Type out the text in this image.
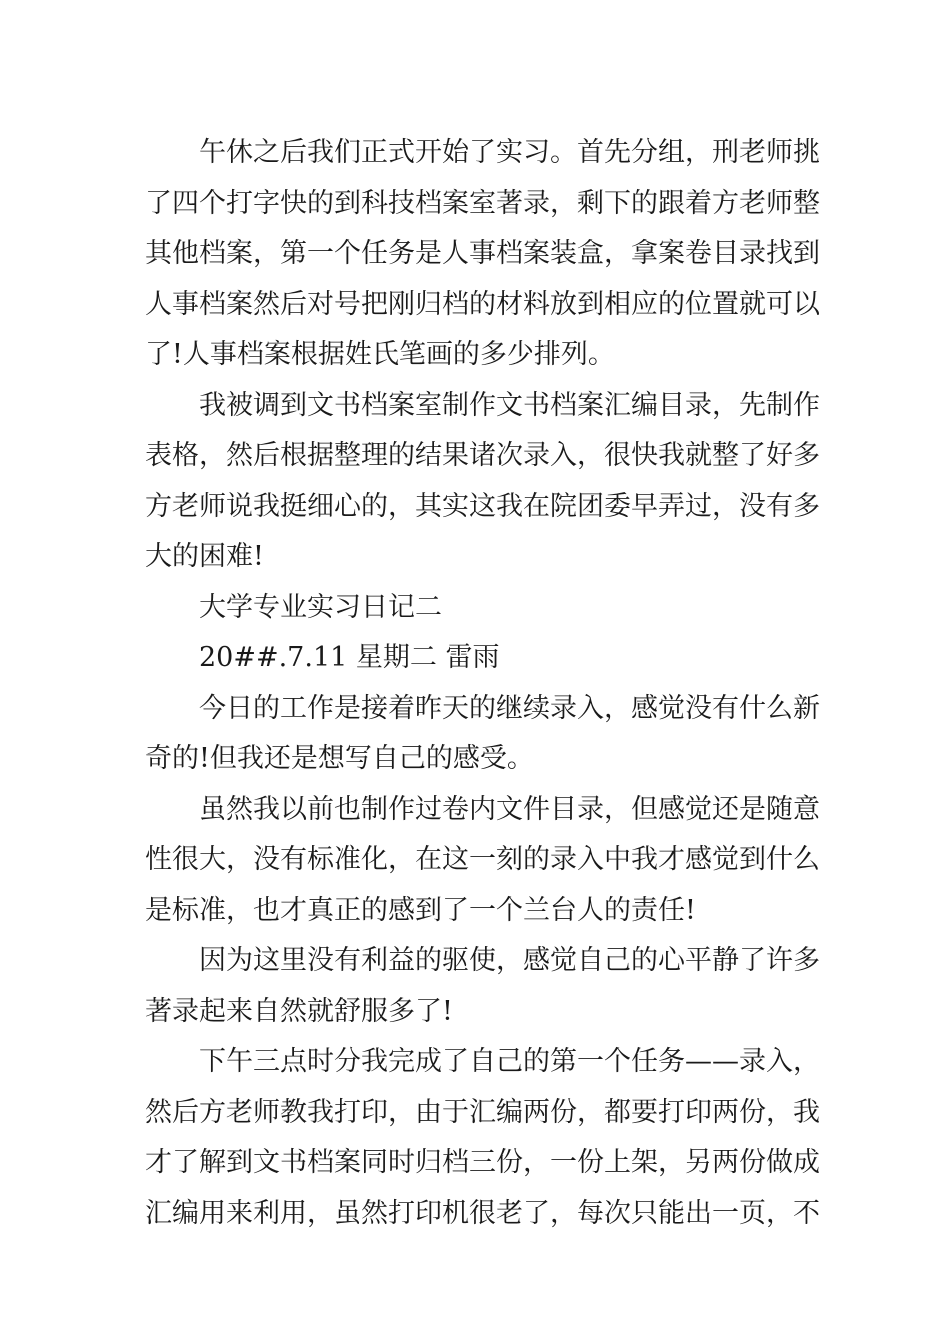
午休之后我们正式开始了实习。首先分组，刑老师挑
了四个打字快的到科技档案室著录，剩下的跟着方老师整
其他档案，第一个任务是人事档案装盒，拿案卷目录找到
人事档案然后对号把刚归档的材料放到相应的位置就可以
了!人事档案根据姓氏笔画的多少排列。
我被调到文书档案室制作文书档案汇编目录，先制作
表格，然后根据整理的结果诸次录入，很快我就整了好多
方老师说我挺细心的，其实这我在院团委早弄过，没有多
大的困难!
大学专业实习日记二
20##.7.11 星期二 雷雨
今日的工作是接着昨天的继续录入，感觉没有什么新
奇的!但我还是想写自己的感受。
虽然我以前也制作过卷内文件目录，但感觉还是随意
性很大，没有标准化，在这一刻的录入中我才感觉到什么
是标准，也才真正的感到了一个兰台人的责任!
因为这里没有利益的驱使，感觉自己的心平静了许多
著录起来自然就舒服多了!
下午三点时分我完成了自己的第一个任务——录入，
然后方老师教我打印，由于汇编两份，都要打印两份，我
才了解到文书档案同时归档三份，一份上架，另两份做成
汇编用来利用，虽然打印机很老了，每次只能出一页，不
